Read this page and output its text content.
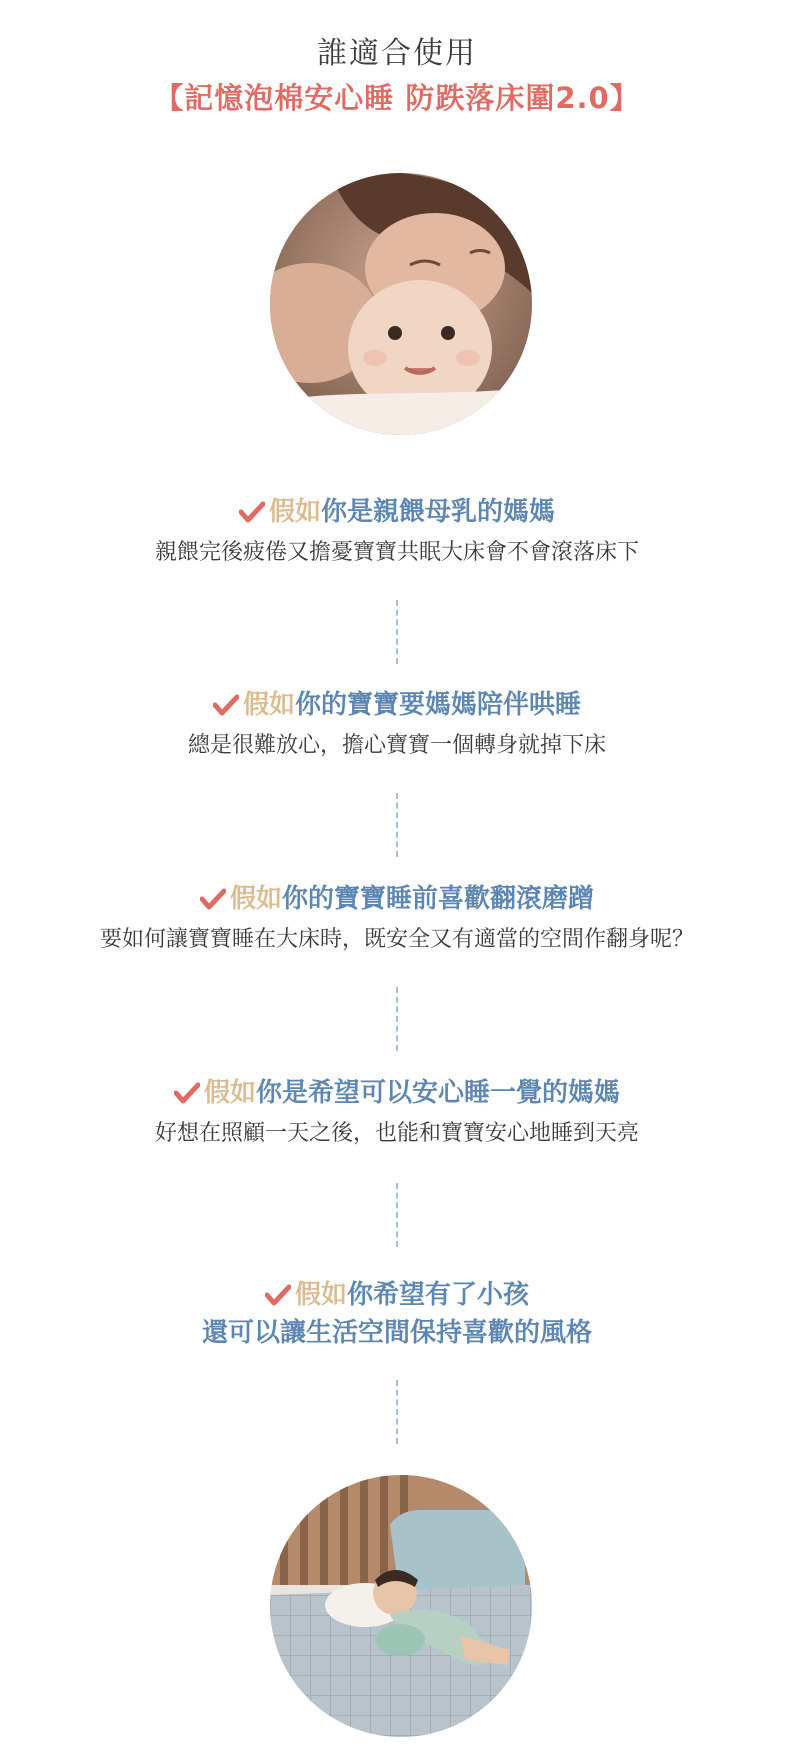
誰適合使用
【記憶泡棉安心睡 防跌落床圍2.0】
假如你是親餵母乳的媽媽
親餵完後疲倦又擔憂寶寶共眠大床會不會滾落床下
假如你的寶寶要媽媽陪伴哄睡
總是很難放心，擔心寶寶一個轉身就掉下床
假如你的寶寶睡前喜歡翻滾磨蹭
要如何讓寶寶睡在大床時，既安全又有適當的空間作翻身呢？
假如你是希望可以安心睡一覺的媽媽
好想在照顧一天之後，也能和寶寶安心地睡到天亮
假如你希望有了小孩
還可以讓生活空間保持喜歡的風格
